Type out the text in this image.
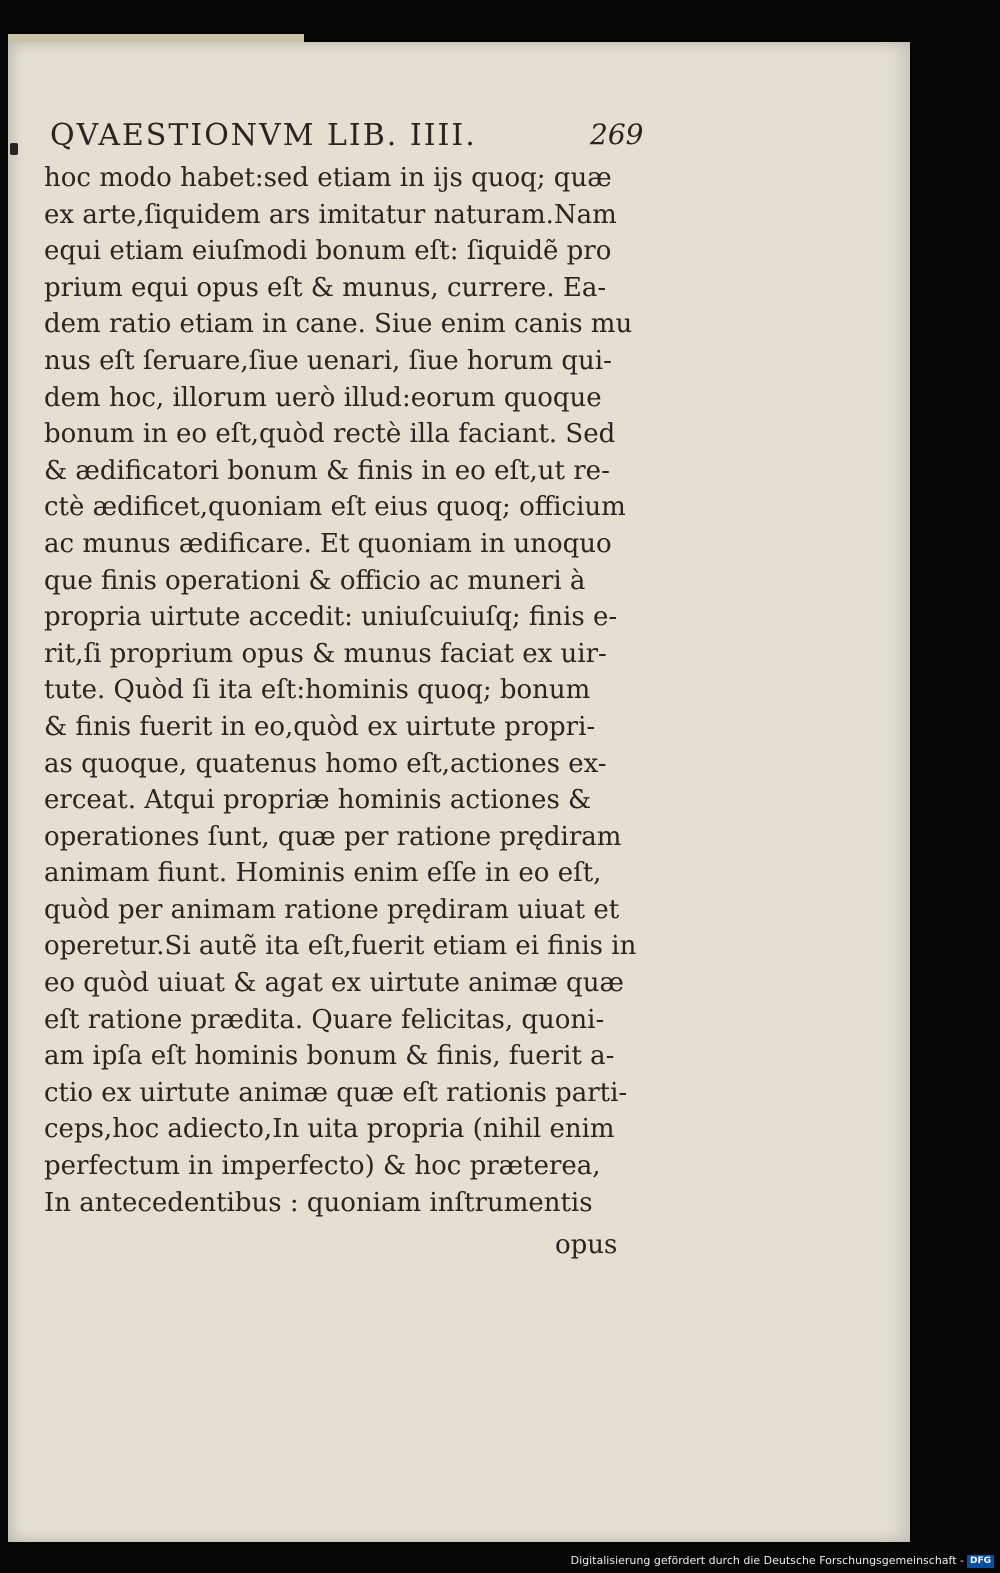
QVAESTIONVM LIB. IIII.	269
hoc modo habet:sed etiam in ijs quoq; quæ
ex arte,ſiquidem ars imitatur naturam.Nam
equi etiam eiuſmodi bonum eſt: ſiquidẽ pro
prium equi opus eſt & munus, currere. Ea-
dem ratio etiam in cane. Siue enim canis mu
nus eſt ſeruare,ſiue uenari, ſiue horum qui-
dem hoc, illorum uerò illud:eorum quoque
bonum in eo eſt,quòd rectè illa faciant. Sed
& ædificatori bonum & finis in eo eſt,ut re-
ctè ædificet,quoniam eſt eius quoq; officium
ac munus ædificare. Et quoniam in unoquo
que finis operationi & officio ac muneri à
propria uirtute accedit: uniuſcuiuſq; finis e-
rit,ſi proprium opus & munus faciat ex uir-
tute. Quòd ſi ita eſt:hominis quoq; bonum
& finis fuerit in eo,quòd ex uirtute propri-
as quoque, quatenus homo eſt,actiones ex-
erceat. Atqui propriæ hominis actiones &
operationes ſunt, quæ per ratione prędiram
animam fiunt. Hominis enim eſſe in eo eſt,
quòd per animam ratione prędiram uiuat et
operetur.Si autẽ ita eſt,fuerit etiam ei finis in
eo quòd uiuat & agat ex uirtute animæ quæ
eſt ratione prædita. Quare felicitas, quoni-
am ipſa eſt hominis bonum & finis, fuerit a-
ctio ex uirtute animæ quæ eſt rationis parti-
ceps,hoc adiecto,In uita propria (nihil enim
perfectum in imperfecto) & hoc prætereа,
In antecedentibus : quoniam inſtrumentis
opus
Digitalisierung gefördert durch die Deutsche Forschungsgemeinschaft - DFG
